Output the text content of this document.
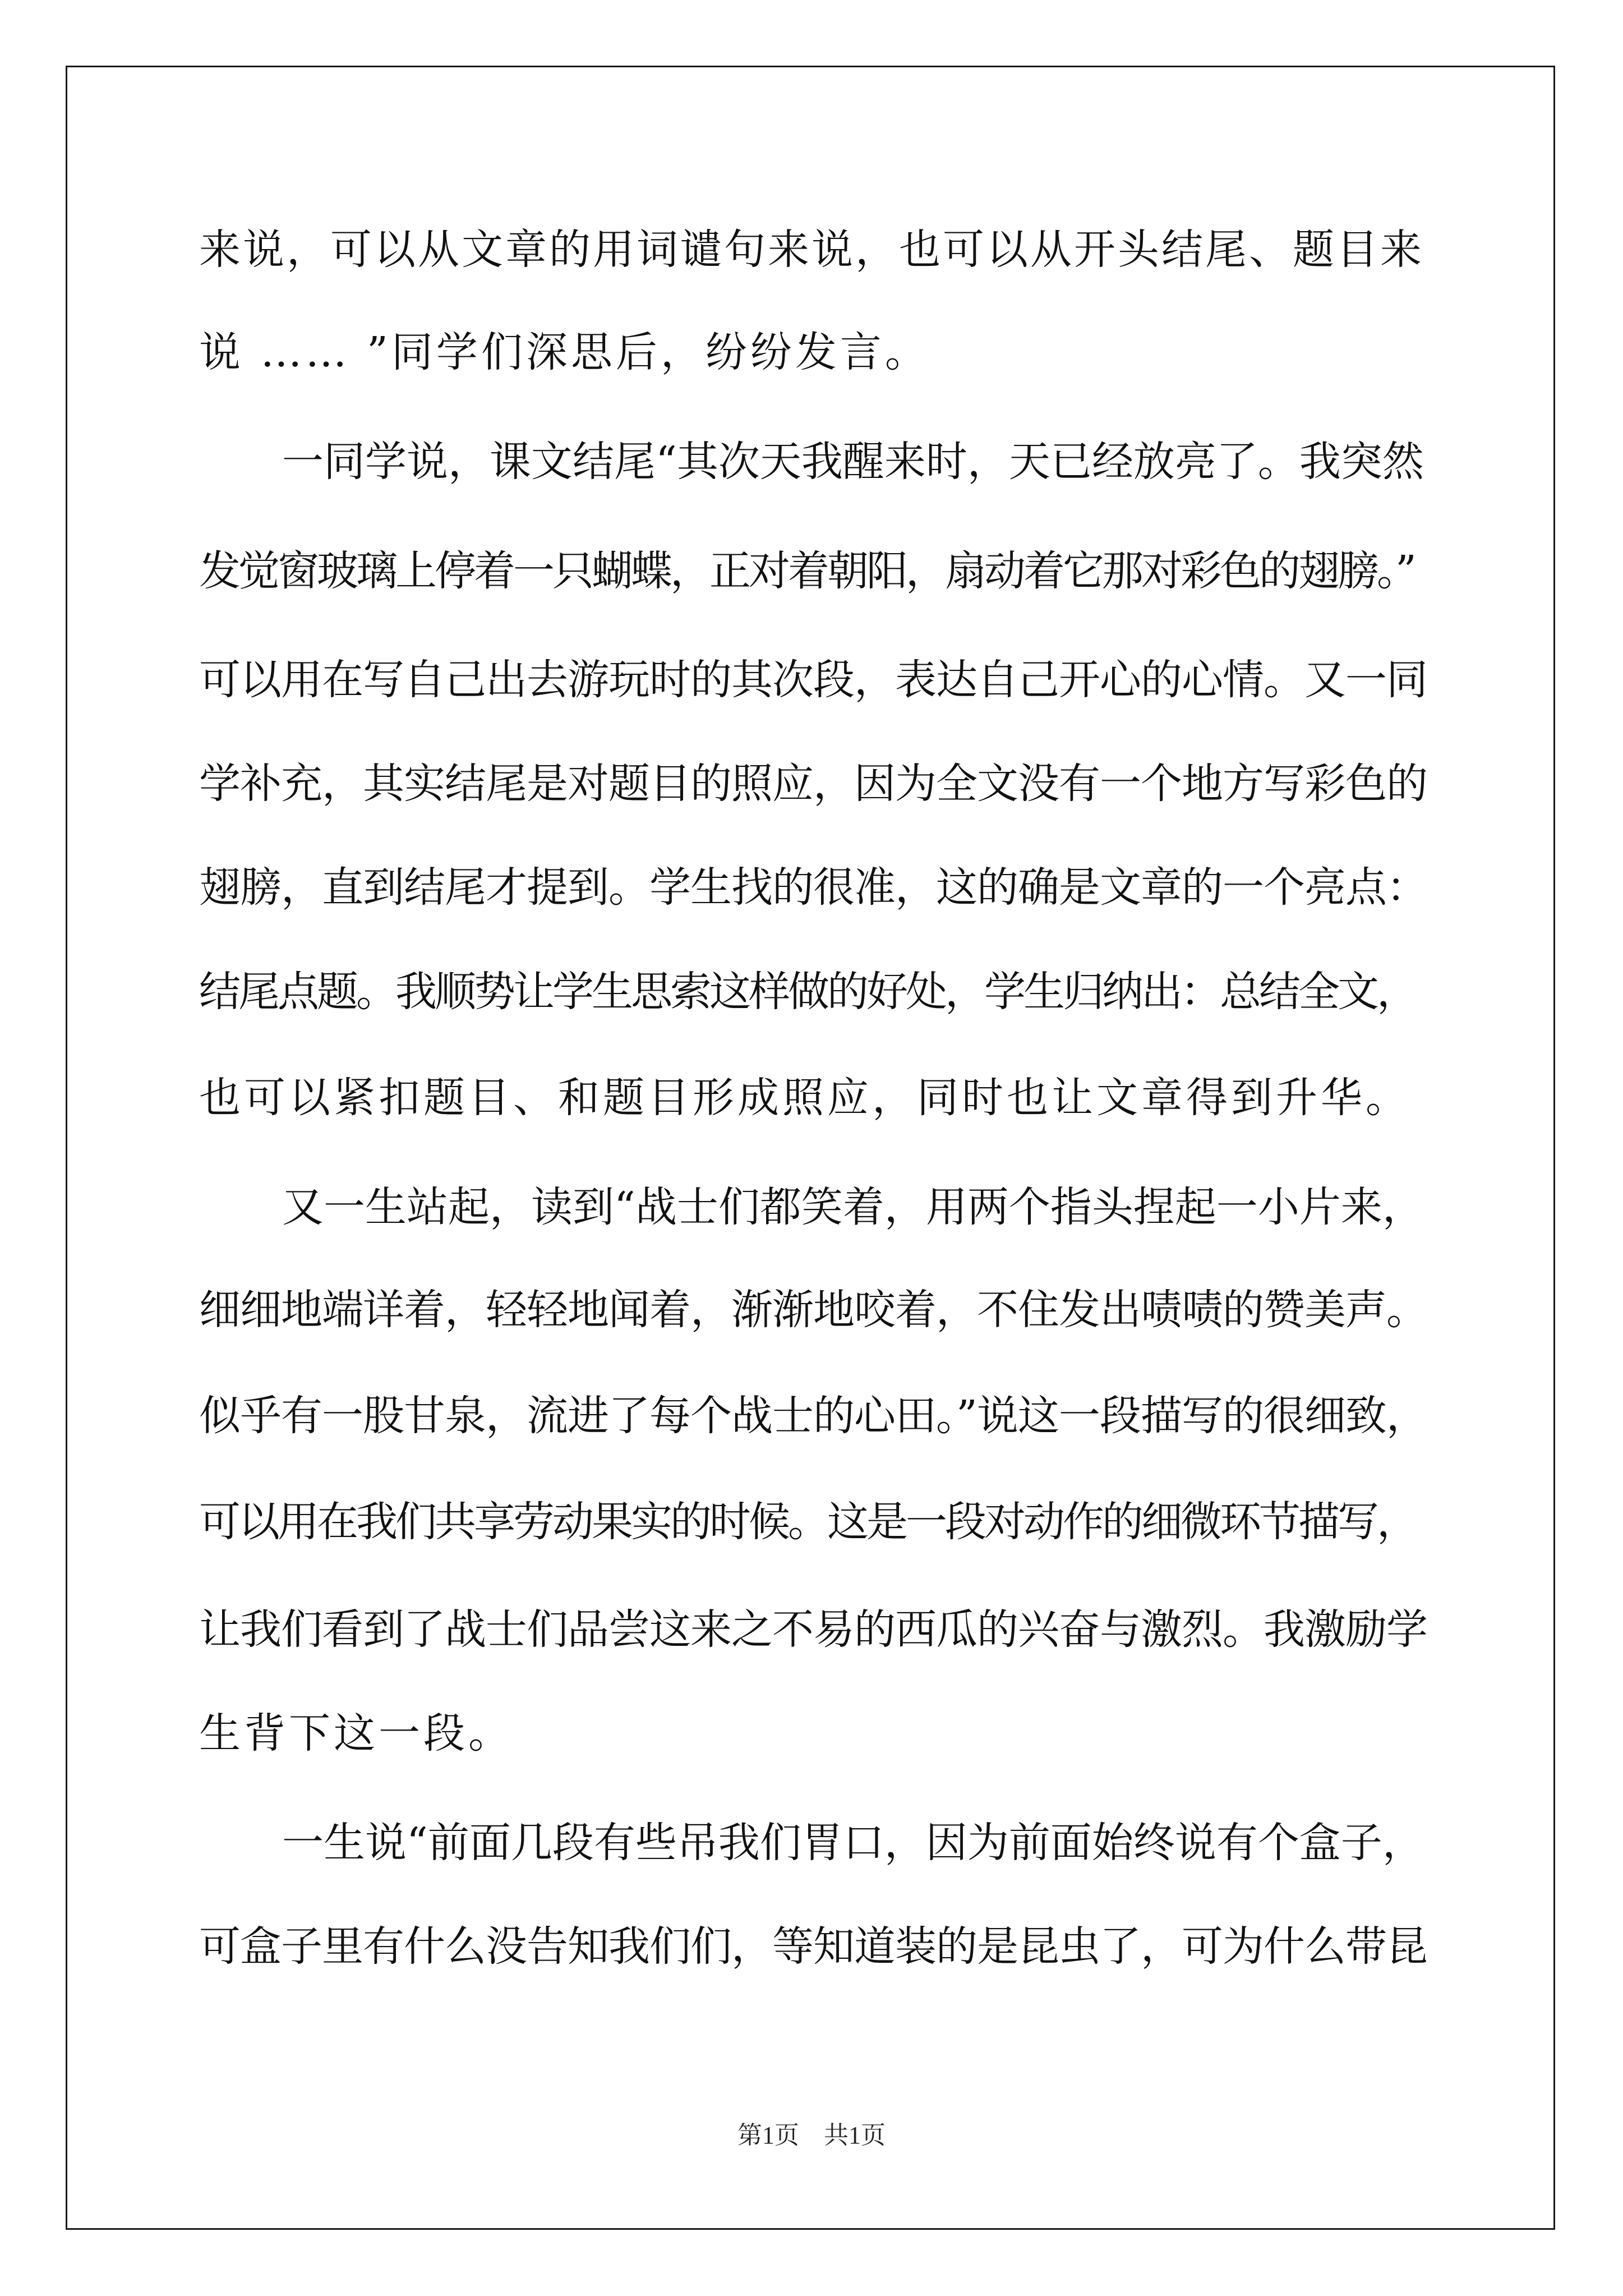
来说，可以从文章的用词谴句来说，也可以从开头结尾、题目来
说 …… ”同学们深思后，纷纷发言。
　　一同学说，课文结尾“其次天我醒来时，天已经放亮了。我突然
发觉窗玻璃上停着一只蝴蝶，正对着朝阳，扇动着它那对彩色的翅膀。”
可以用在写自己出去游玩时的其次段，表达自己开心的心情。又一同
学补充，其实结尾是对题目的照应，因为全文没有一个地方写彩色的
翅膀，直到结尾才提到。学生找的很准，这的确是文章的一个亮点：
结尾点题。我顺势让学生思索这样做的好处，学生归纳出：总结全文，
也可以紧扣题目、和题目形成照应，同时也让文章得到升华。
　　又一生站起，读到“战士们都笑着，用两个指头捏起一小片来，
细细地端详着，轻轻地闻着，渐渐地咬着，不住发出啧啧的赞美声。
似乎有一股甘泉，流进了每个战士的心田。”说这一段描写的很细致，
可以用在我们共享劳动果实的时候。这是一段对动作的细微环节描写，
让我们看到了战士们品尝这来之不易的西瓜的兴奋与激烈。我激励学
生背下这一段。
　　一生说“前面几段有些吊我们胃口，因为前面始终说有个盒子，
可盒子里有什么没告知我们们，等知道装的是昆虫了，可为什么带昆
第1页　共1页
